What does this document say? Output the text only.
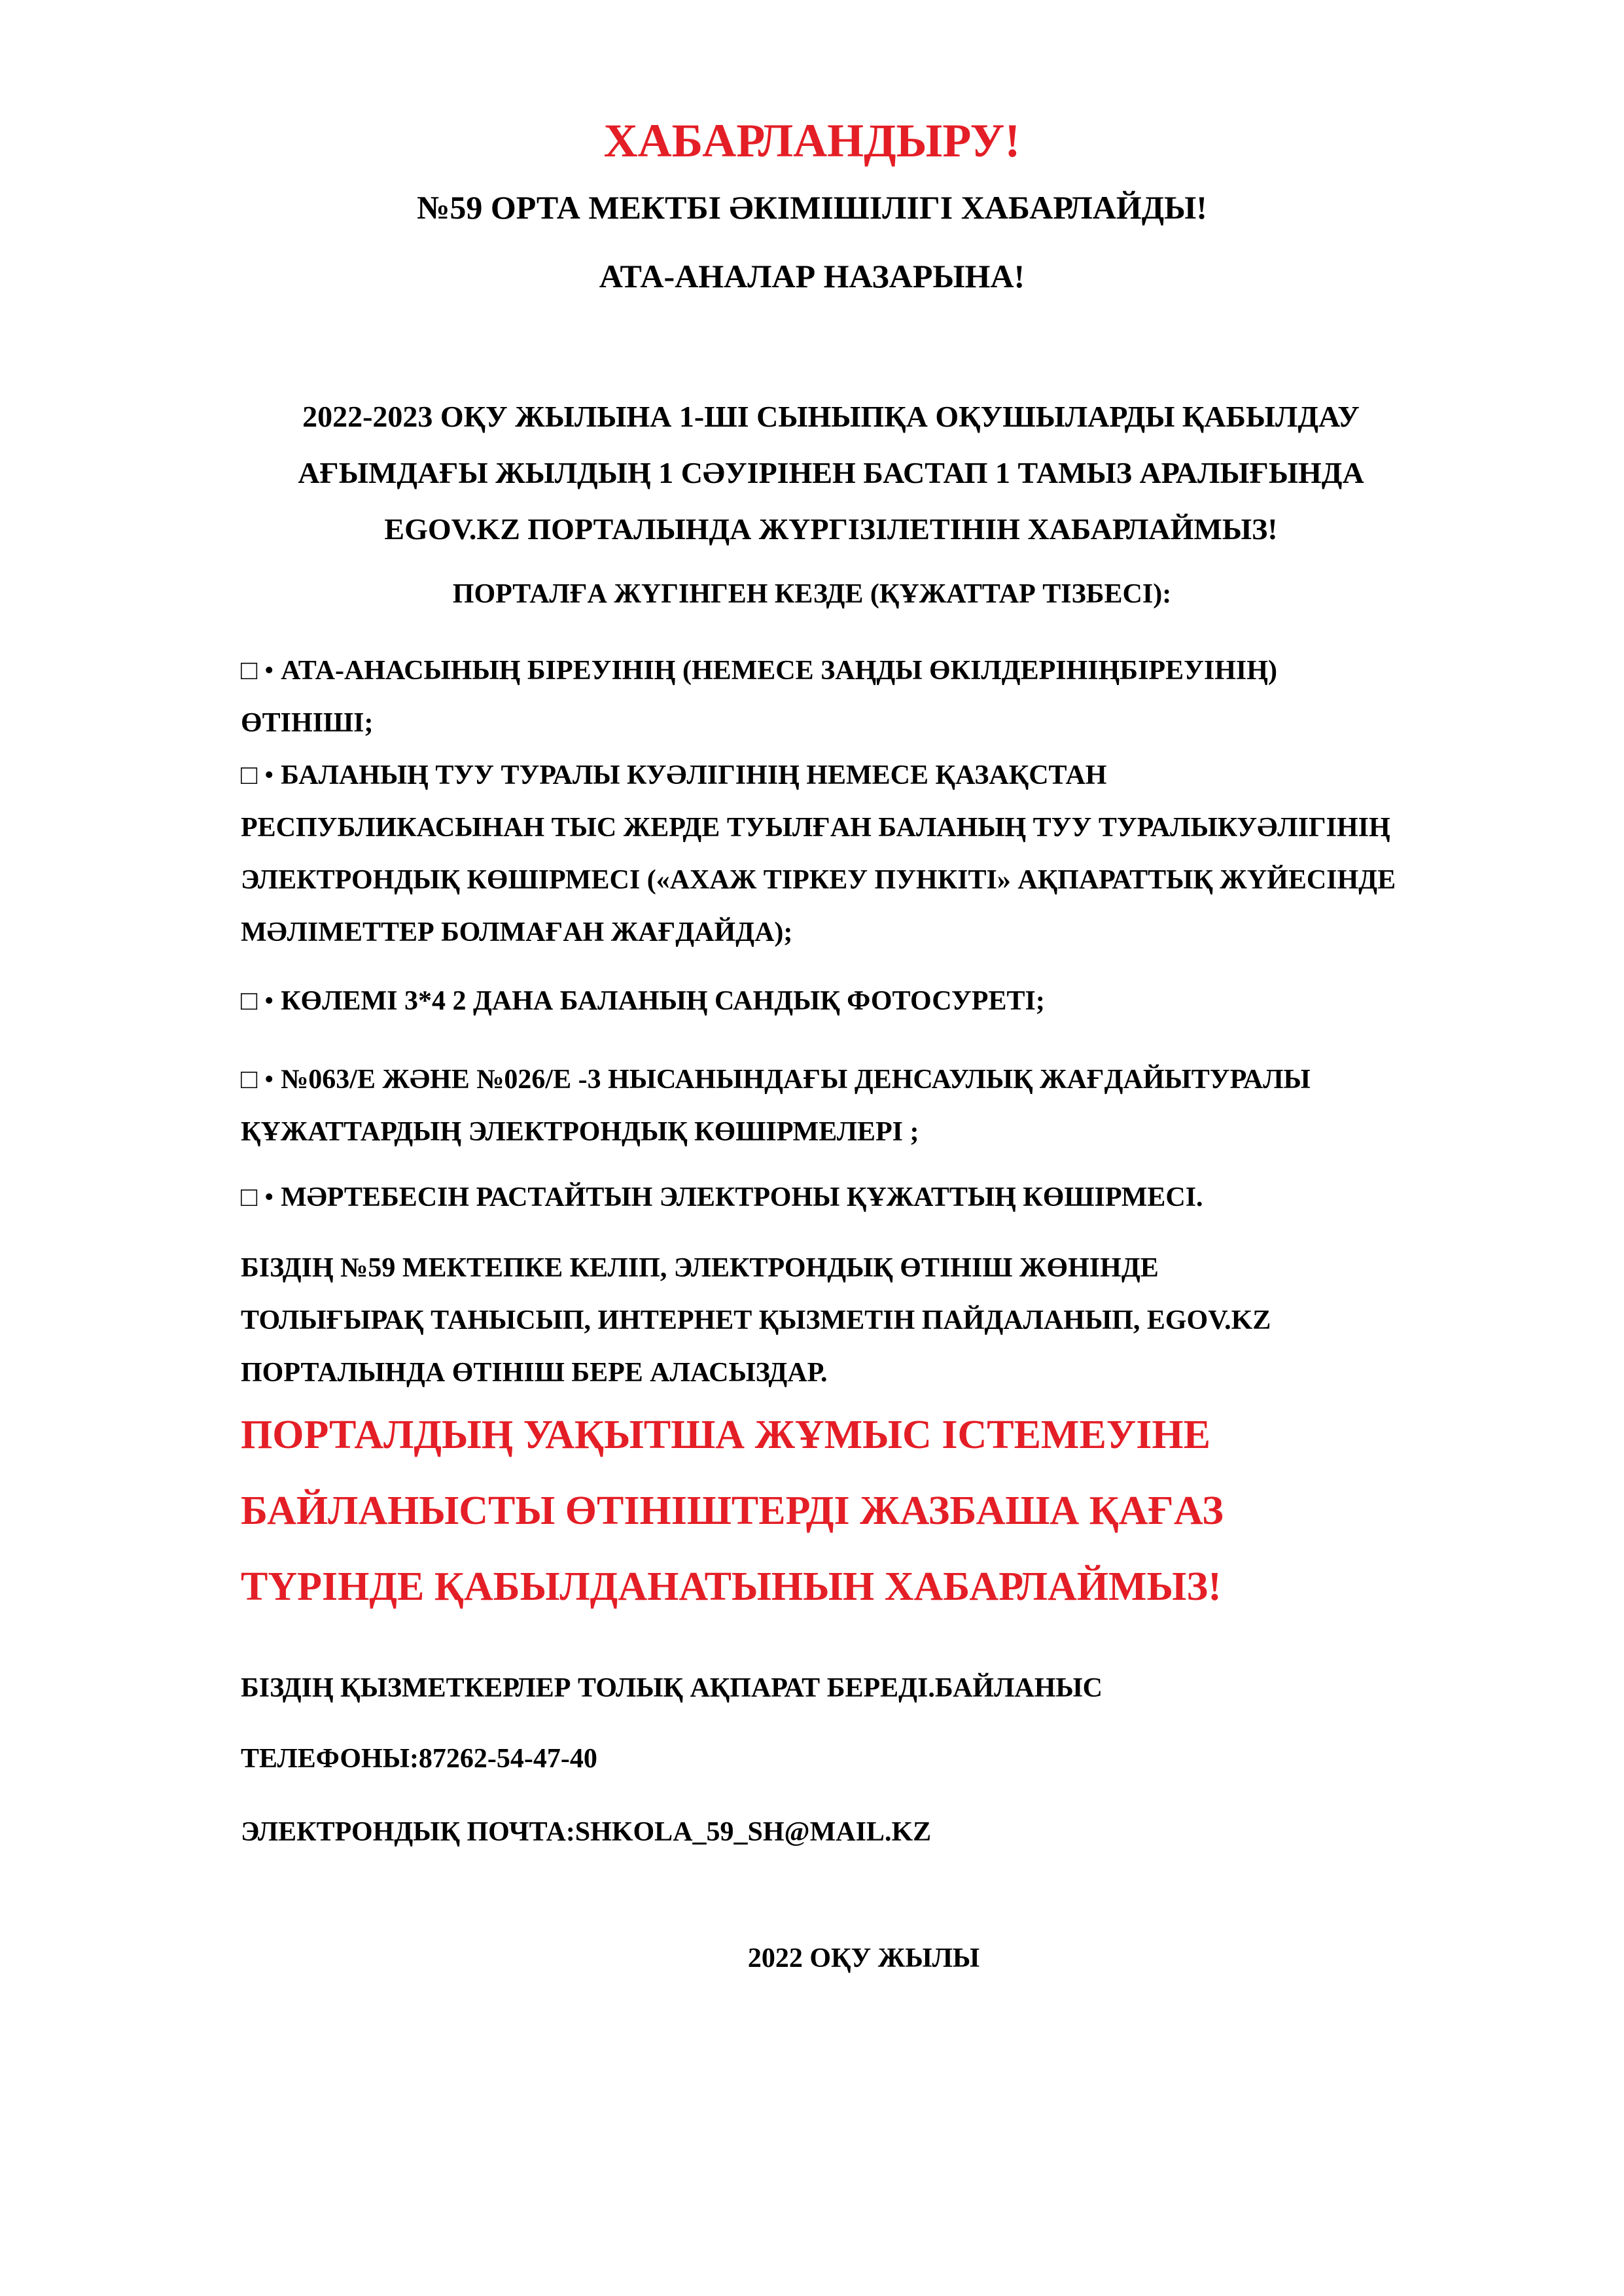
ХАБАРЛАНДЫРУ!
№59 ОРТА МЕКТБІ ӘКІМІШІЛІГІ ХАБАРЛАЙДЫ!
АТА-АНАЛАР НАЗАРЫНА!
2022-2023 ОҚУ ЖЫЛЫНА 1-ШІ СЫНЫПҚА ОҚУШЫЛАРДЫ ҚАБЫЛДАУ
АҒЫМДАҒЫ ЖЫЛДЫҢ 1 СӘУІРІНЕН БАСТАП 1 ТАМЫЗ АРАЛЫҒЫНДА
EGOV.KZ ПОРТАЛЫНДА ЖҮРГІЗІЛЕТІНІН ХАБАРЛАЙМЫЗ!
ПОРТАЛҒА ЖҮГІНГЕН КЕЗДЕ (ҚҰЖАТТАР ТІЗБЕСІ):
□ • АТА-АНАСЫНЫҢ БІРЕУІНІҢ (НЕМЕСЕ ЗАҢДЫ ӨКІЛДЕРІНІҢБІРЕУІНІҢ)
ӨТІНІШІ;
□ • БАЛАНЫҢ ТУУ ТУРАЛЫ КУӘЛІГІНІҢ НЕМЕСЕ ҚАЗАҚСТАН
РЕСПУБЛИКАСЫНАН ТЫС ЖЕРДЕ ТУЫЛҒАН БАЛАНЫҢ ТУУ ТУРАЛЫКУӘЛІГІНІҢ
ЭЛЕКТРОНДЫҚ КӨШІРМЕСІ («АХАЖ ТІРКЕУ ПУНКІТІ» АҚПАРАТТЫҚ ЖҮЙЕСІНДЕ
МӘЛІМЕТТЕР БОЛМАҒАН ЖАҒДАЙДА);
□ • КӨЛЕМІ 3*4 2 ДАНА БАЛАНЫҢ САНДЫҚ ФОТОСУРЕТІ;
□ • №063/Е ЖӘНЕ №026/Е -3 НЫСАНЫНДАҒЫ ДЕНСАУЛЫҚ ЖАҒДАЙЫТУРАЛЫ
ҚҰЖАТТАРДЫҢ ЭЛЕКТРОНДЫҚ КӨШІРМЕЛЕРІ ;
□ • МӘРТЕБЕСІН РАСТАЙТЫН ЭЛЕКТРОНЫ ҚҰЖАТТЫҢ КӨШІРМЕСІ.
БІЗДІҢ №59 МЕКТЕПКЕ КЕЛІП, ЭЛЕКТРОНДЫҚ ӨТІНІШ ЖӨНІНДЕ
ТОЛЫҒЫРАҚ ТАНЫСЫП, ИНТЕРНЕТ ҚЫЗМЕТІН ПАЙДАЛАНЫП, EGOV.KZ
ПОРТАЛЫНДА ӨТІНІШ БЕРЕ АЛАСЫЗДАР.
ПОРТАЛДЫҢ УАҚЫТША ЖҰМЫС ІСТЕМЕУІНЕ
БАЙЛАНЫСТЫ ӨТІНІШТЕРДІ ЖАЗБАША ҚАҒАЗ
ТҮРІНДЕ ҚАБЫЛДАНАТЫНЫН ХАБАРЛАЙМЫЗ!
БІЗДІҢ ҚЫЗМЕТКЕРЛЕР ТОЛЫҚ АҚПАРАТ БЕРЕДІ.БАЙЛАНЫС
ТЕЛЕФОНЫ:87262-54-47-40
ЭЛЕКТРОНДЫҚ ПОЧТА:SHKOLA_59_SH@MAIL.KZ
2022 ОҚУ ЖЫЛЫ
